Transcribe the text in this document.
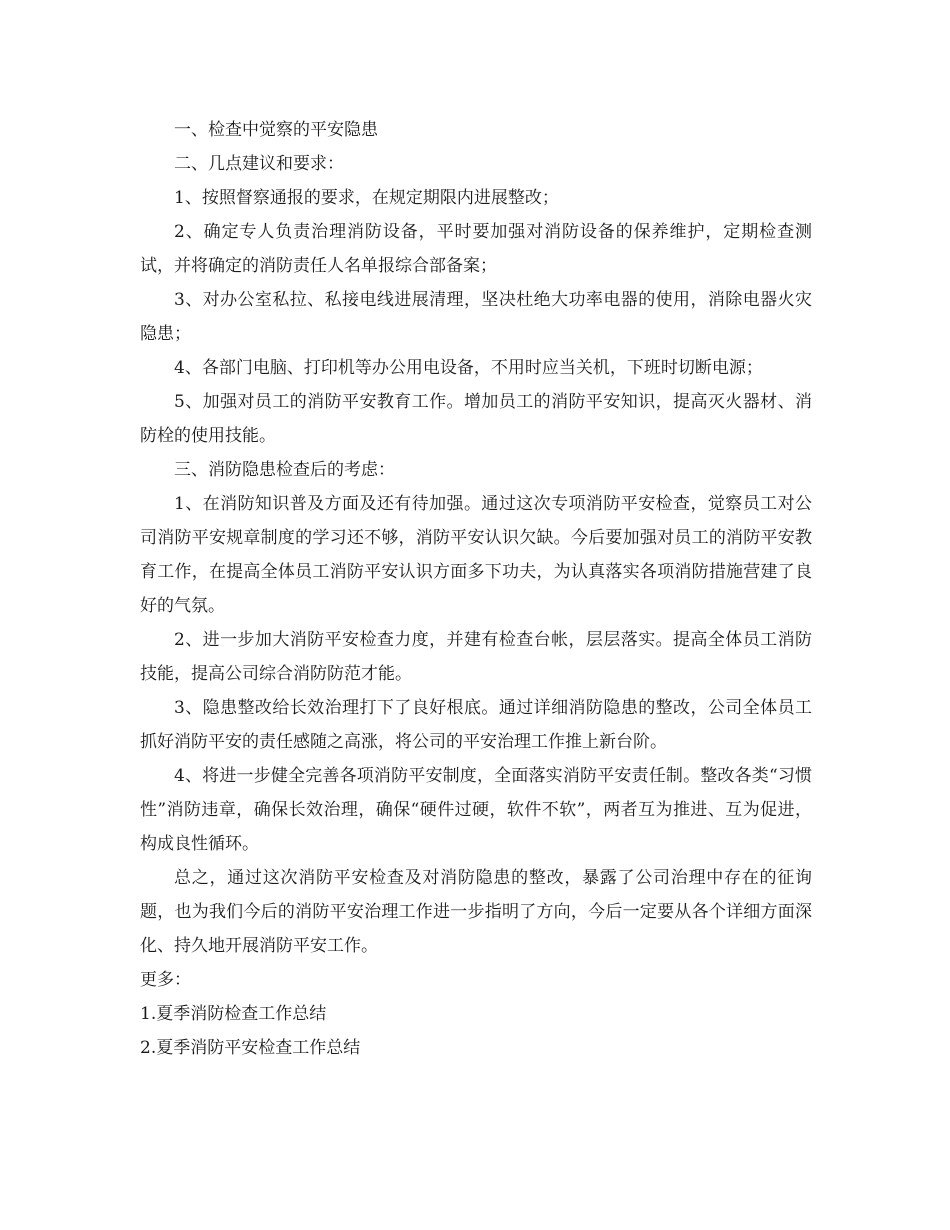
一、检查中觉察的平安隐患

二、几点建议和要求：

1、按照督察通报的要求，在规定期限内进展整改；

2、确定专人负责治理消防设备，平时要加强对消防设备的保养维护，定期检查测试，并将确定的消防责任人名单报综合部备案；

3、对办公室私拉、私接电线进展清理，坚决杜绝大功率电器的使用，消除电器火灾隐患；

4、各部门电脑、打印机等办公用电设备，不用时应当关机，下班时切断电源；

5、加强对员工的消防平安教育工作。增加员工的消防平安知识，提高灭火器材、消防栓的使用技能。

三、消防隐患检查后的考虑：

1、在消防知识普及方面及还有待加强。通过这次专项消防平安检查，觉察员工对公司消防平安规章制度的学习还不够，消防平安认识欠缺。今后要加强对员工的消防平安教育工作，在提高全体员工消防平安认识方面多下功夫，为认真落实各项消防措施营建了良好的气氛。

2、进一步加大消防平安检查力度，并建有检查台帐，层层落实。提高全体员工消防技能，提高公司综合消防防范才能。

3、隐患整改给长效治理打下了良好根底。通过详细消防隐患的整改，公司全体员工抓好消防平安的责任感随之高涨，将公司的平安治理工作推上新台阶。

4、将进一步健全完善各项消防平安制度，全面落实消防平安责任制。整改各类“习惯性”消防违章，确保长效治理，确保“硬件过硬，软件不软”，两者互为推进、互为促进，构成良性循环。

总之，通过这次消防平安检查及对消防隐患的整改，暴露了公司治理中存在的征询题，也为我们今后的消防平安治理工作进一步指明了方向，今后一定要从各个详细方面深化、持久地开展消防平安工作。

更多：

1.夏季消防检查工作总结
2.夏季消防平安检查工作总结
